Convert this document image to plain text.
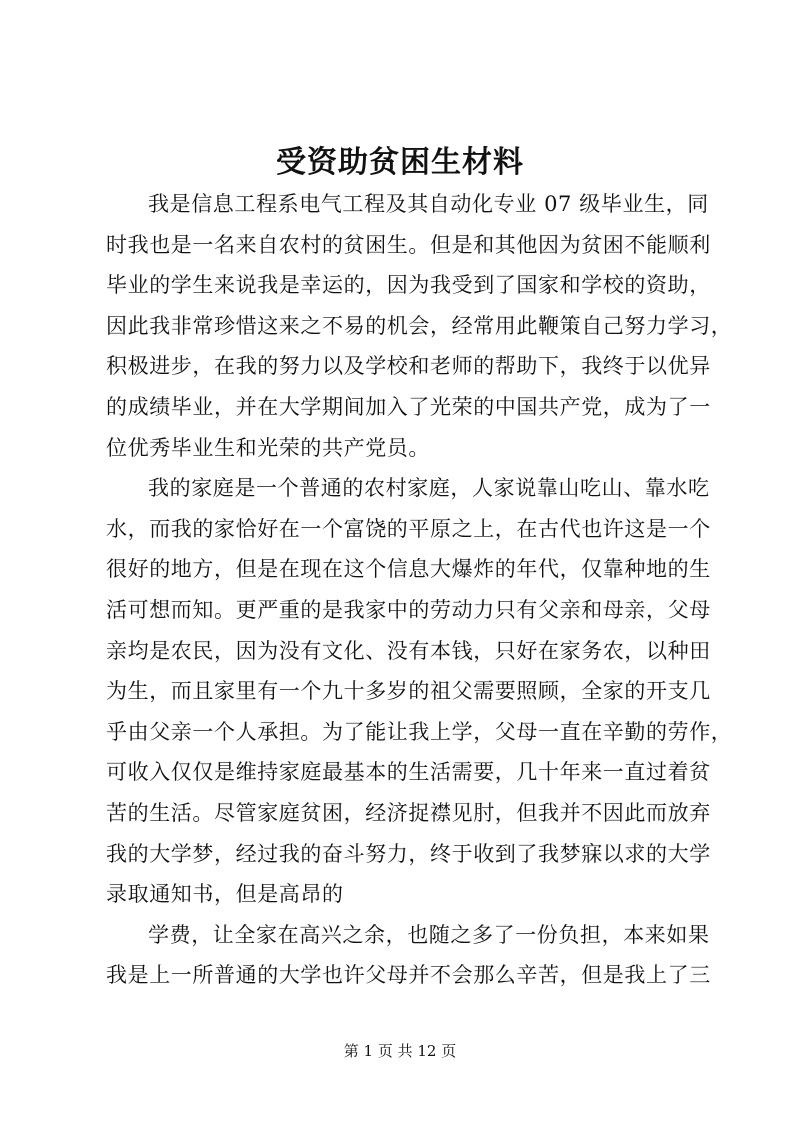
受资助贫困生材料

我是信息工程系电气工程及其自动化专业 07 级毕业生，同
时我也是一名来自农村的贫困生。但是和其他因为贫困不能顺利
毕业的学生来说我是幸运的，因为我受到了国家和学校的资助，
因此我非常珍惜这来之不易的机会，经常用此鞭策自己努力学习，
积极进步，在我的努力以及学校和老师的帮助下，我终于以优异
的成绩毕业，并在大学期间加入了光荣的中国共产党，成为了一
位优秀毕业生和光荣的共产党员。

我的家庭是一个普通的农村家庭，人家说靠山吃山、靠水吃
水，而我的家恰好在一个富饶的平原之上，在古代也许这是一个
很好的地方，但是在现在这个信息大爆炸的年代，仅靠种地的生
活可想而知。更严重的是我家中的劳动力只有父亲和母亲，父母
亲均是农民，因为没有文化、没有本钱，只好在家务农，以种田
为生，而且家里有一个九十多岁的祖父需要照顾，全家的开支几
乎由父亲一个人承担。为了能让我上学，父母一直在辛勤的劳作，
可收入仅仅是维持家庭最基本的生活需要，几十年来一直过着贫
苦的生活。尽管家庭贫困，经济捉襟见肘，但我并不因此而放弃
我的大学梦，经过我的奋斗努力，终于收到了我梦寐以求的大学
录取通知书，但是高昂的

学费，让全家在高兴之余，也随之多了一份负担，本来如果
我是上一所普通的大学也许父母并不会那么辛苦，但是我上了三

第 1 页 共 12 页
